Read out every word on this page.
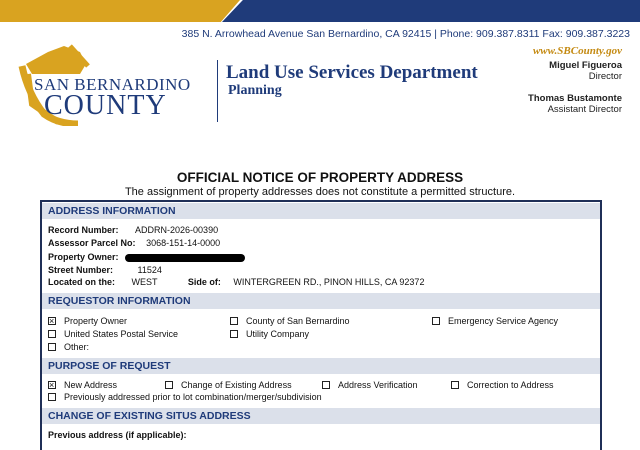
385 N. Arrowhead Avenue San Bernardino, CA 92415 | Phone: 909.387.8311 Fax: 909.387.3223
SAN BERNARDINO
COUNTY
Land Use Services Department
Planning
www.SBCounty.gov
Miguel Figueroa
Director
Thomas Bustamonte
Assistant Director
OFFICIAL NOTICE OF PROPERTY ADDRESS
The assignment of property addresses does not constitute a permitted structure.
ADDRESS INFORMATION
Record Number: ADDRN-2026-00390
Assessor Parcel No: 3068-151-14-0000
Property Owner:
Street Number:	11524
Located on the: WEST	Side of: WINTERGREEN RD., PINON HILLS, CA 92372
REQUESTOR INFORMATION
×Property Owner	County of San Bernardino	Emergency Service Agency
United States Postal Service	Utility Company
Other:
PURPOSE OF REQUEST
×New Address	Change of Existing Address	Address Verification	Correction to Address
Previously addressed prior to lot combination/merger/subdivision
CHANGE OF EXISTING SITUS ADDRESS
Previous address (if applicable):
